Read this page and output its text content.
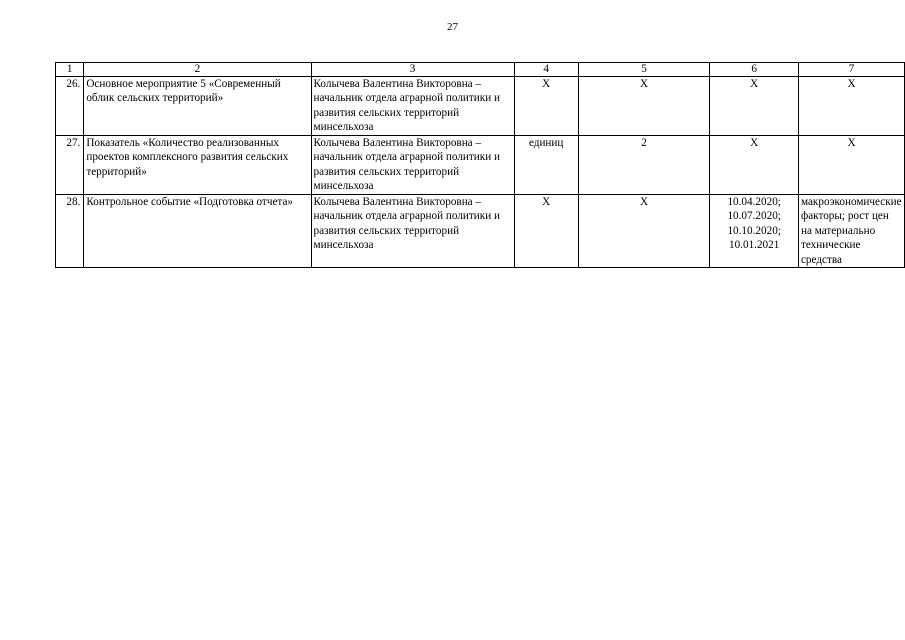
27
1	2	3	4	5	6	7
26.	Основное мероприятие 5 «Современный облик сельских территорий»	Колычева Валентина Викторовна – начальник отдела аграрной политики и развития сельских территорий минсельхоза	Х	Х	Х	Х
27.	Показатель «Количество реализованных проектов комплексного развития сельских территорий»	Колычева Валентина Викторовна – начальник отдела аграрной политики и развития сельских территорий минсельхоза	единиц	2	Х	Х
28.	Контрольное событие «Подготовка отчета»	Колычева Валентина Викторовна – начальник отдела аграрной политики и развития сельских территорий минсельхоза	Х	Х	10.04.2020; 10.07.2020; 10.10.2020; 10.01.2021	макроэкономические факторы; рост цен на материально технические средства
